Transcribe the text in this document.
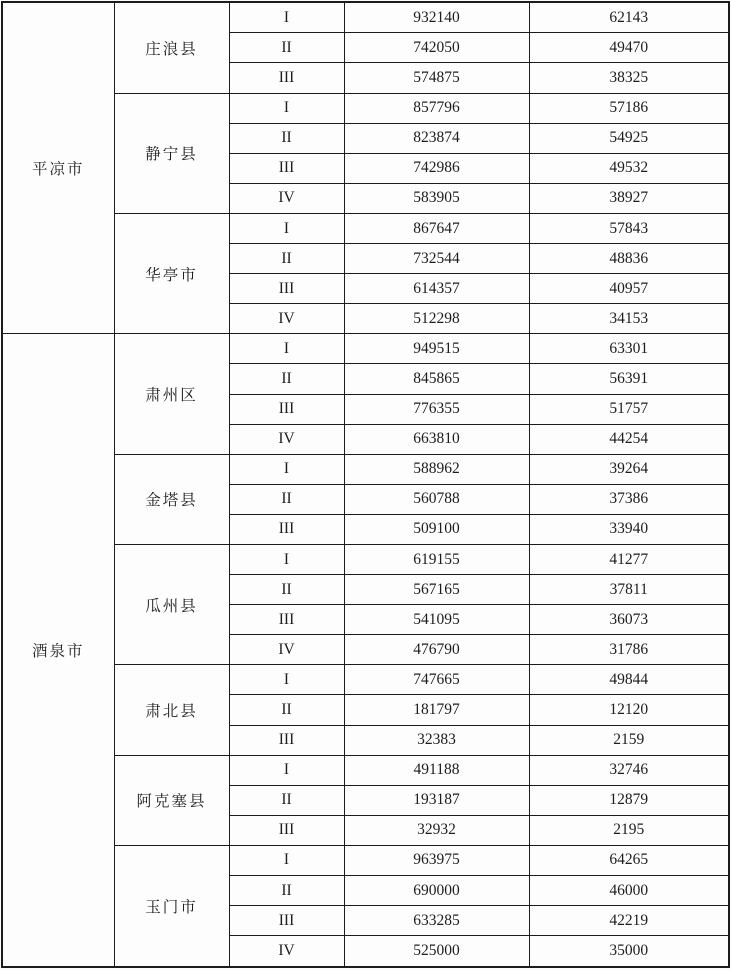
平凉市	庄浪县	I	932140	62143
		II	742050	49470
		III	574875	38325
	静宁县	I	857796	57186
		II	823874	54925
		III	742986	49532
		IV	583905	38927
	华亭市	I	867647	57843
		II	732544	48836
		III	614357	40957
		IV	512298	34153
酒泉市	肃州区	I	949515	63301
		II	845865	56391
		III	776355	51757
		IV	663810	44254
	金塔县	I	588962	39264
		II	560788	37386
		III	509100	33940
	瓜州县	I	619155	41277
		II	567165	37811
		III	541095	36073
		IV	476790	31786
	肃北县	I	747665	49844
		II	181797	12120
		III	32383	2159
	阿克塞县	I	491188	32746
		II	193187	12879
		III	32932	2195
	玉门市	I	963975	64265
		II	690000	46000
		III	633285	42219
		IV	525000	35000
